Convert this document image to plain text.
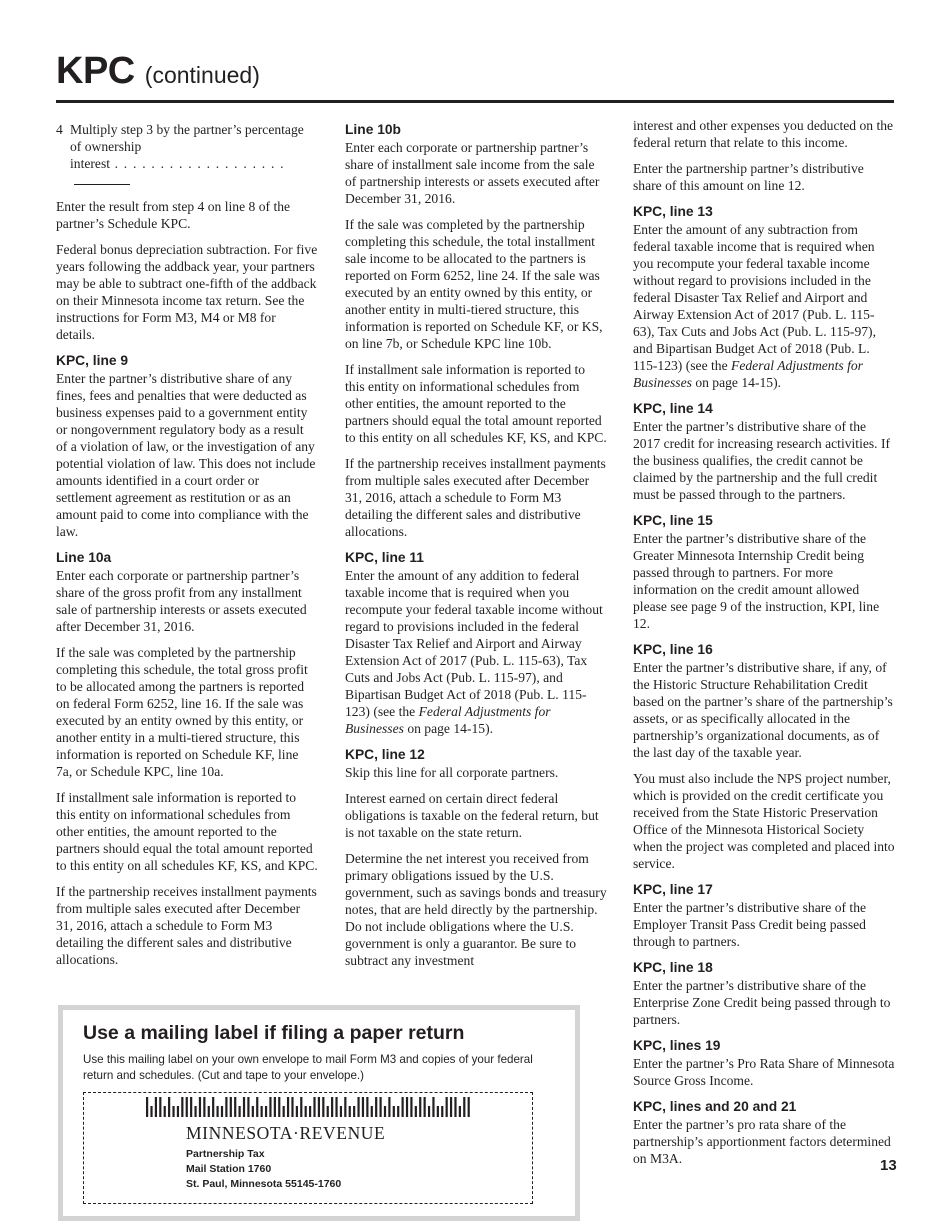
KPC (continued)
4 Multiply step 3 by the partner’s percentage of ownership
interest . . . . . . . . . . . . . . . . . . .

Enter the result from step 4 on line 8 of the partner’s Schedule KPC.

Federal bonus depreciation subtraction. For five years following the addback year, your partners may be able to subtract one-fifth of the addback on their Minnesota income tax return. See the instructions for Form M3, M4 or M8 for details.

KPC, line 9

Enter the partner’s distributive share of any fines, fees and penalties that were deducted as business expenses paid to a government entity or nongovernment regulatory body as a result of a violation of law, or the investigation of any potential violation of law. This does not include amounts identified in a court order or settlement agreement as restitution or as an amount paid to come into compliance with the law.

Line 10a

Enter each corporate or partnership partner’s share of the gross profit from any installment sale of partnership interests or assets executed after December 31, 2016.

If the sale was completed by the partnership completing this schedule, the total gross profit to be allocated among the partners is reported on federal Form 6252, line 16. If the sale was executed by an entity owned by this entity, or another entity in a multi-tiered structure, this information is reported on Schedule KF, line 7a, or Schedule KPC, line 10a.

If installment sale information is reported to this entity on informational schedules from other entities, the amount reported to the partners should equal the total amount reported to this entity on all schedules KF, KS, and KPC.

If the partnership receives installment payments from multiple sales executed after December 31, 2016, attach a schedule to Form M3 detailing the different sales and distributive allocations.

Line 10b

Enter each corporate or partnership partner’s share of installment sale income from the sale of partnership interests or assets executed after December 31, 2016.

If the sale was completed by the partnership completing this schedule, the total installment sale income to be allocated to the partners is reported on Form 6252, line 24. If the sale was executed by an entity owned by this entity, or another entity in multi-tiered structure, this information is reported on Schedule KF, or KS, on line 7b, or Schedule KPC line 10b.

If installment sale information is reported to this entity on informational schedules from other entities, the amount reported to the partners should equal the total amount reported to this entity on all schedules KF, KS, and KPC.

If the partnership receives installment payments from multiple sales executed after December 31, 2016, attach a schedule to Form M3 detailing the different sales and distributive allocations.

KPC, line 11

Enter the amount of any addition to federal taxable income that is required when you recompute your federal taxable income without regard to provisions included in the federal Disaster Tax Relief and Airport and Airway Extension Act of 2017 (Pub. L. 115-63), Tax Cuts and Jobs Act (Pub. L. 115-97), and Bipartisan Budget Act of 2018 (Pub. L. 115-123) (see the Federal Adjustments for Businesses on page 14-15).

KPC, line 12

Skip this line for all corporate partners.

Interest earned on certain direct federal obligations is taxable on the federal return, but is not taxable on the state return.

Determine the net interest you received from primary obligations issued by the U.S. government, such as savings bonds and treasury notes, that are held directly by the partnership. Do not include obligations where the U.S. government is only a guarantor. Be sure to subtract any investment

interest and other expenses you deducted on the federal return that relate to this income.

Enter the partnership partner’s distributive share of this amount on line 12.

KPC, line 13

Enter the amount of any subtraction from federal taxable income that is required when you recompute your federal taxable income without regard to provisions included in the federal Disaster Tax Relief and Airport and Airway Extension Act of 2017 (Pub. L. 115-63), Tax Cuts and Jobs Act (Pub. L. 115-97), and Bipartisan Budget Act of 2018 (Pub. L. 115-123) (see the Federal Adjustments for Businesses on page 14-15).

KPC, line 14

Enter the partner’s distributive share of the 2017 credit for increasing research activities. If the business qualifies, the credit cannot be claimed by the partnership and the full credit must be passed through to the partners.

KPC, line 15

Enter the partner’s distributive share of the Greater Minnesota Internship Credit being passed through to partners. For more information on the credit amount allowed please see page 9 of the instruction, KPI, line 12.

KPC, line 16

Enter the partner’s distributive share, if any, of the Historic Structure Rehabilitation Credit based on the partner’s share of the partnership’s assets, or as specifically allocated in the partnership’s organizational documents, as of the last day of the taxable year.

You must also include the NPS project number, which is provided on the credit certificate you received from the State Historic Preservation Office of the Minnesota Historical Society when the project was completed and placed into service.

KPC, line 17

Enter the partner’s distributive share of the Employer Transit Pass Credit being passed through to partners.

KPC, line 18

Enter the partner’s distributive share of the Enterprise Zone Credit being passed through to partners.

KPC, lines 19

Enter the partner’s Pro Rata Share of Minnesota Source Gross Income.

KPC, lines and 20 and 21

Enter the partner’s pro rata share of the partnership’s apportionment factors determined on M3A.

Use a mailing label if filing a paper return
Use this mailing label on your own envelope to mail Form M3 and copies of your federal return and schedules. (Cut and tape to your envelope.)
MINNESOTA·REVENUE
Partnership Tax
Mail Station 1760
St. Paul, Minnesota 55145-1760
13
